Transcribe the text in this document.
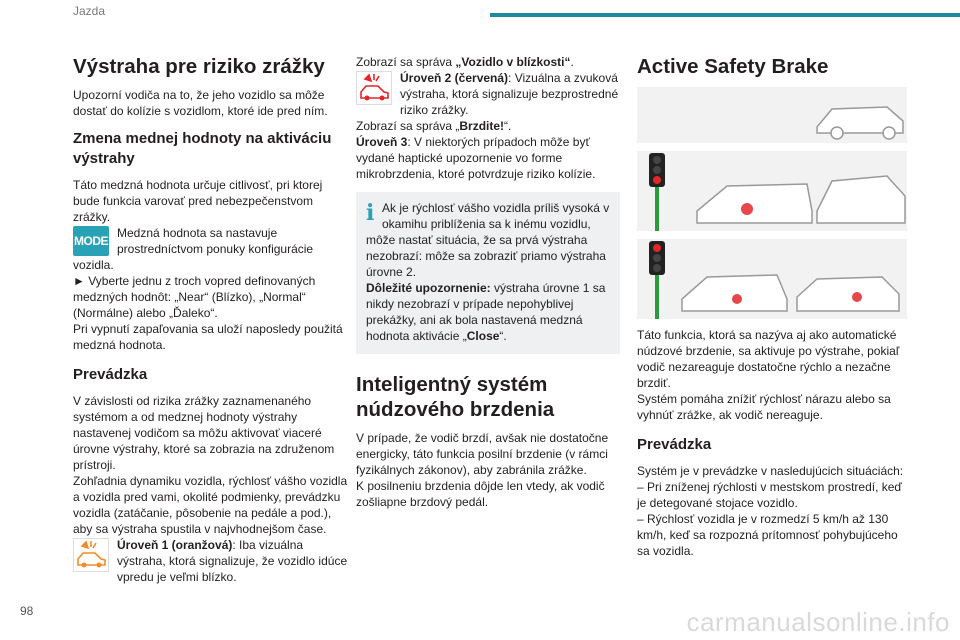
Jazda
Výstraha pre riziko zrážky

Upozorní vodiča na to, že jeho vozidlo sa môže dostať do kolízie s vozidlom, ktoré ide pred ním.

Zmena mednej hodnoty na aktiváciu výstrahy

Táto medzná hodnota určuje citlivosť, pri ktorej bude funkcia varovať pred nebezpečenstvom zrážky.

MODE
Medzná hodnota sa nastavuje prostredníctvom ponuky konfigurácie vozidla.

► Vyberte jednu z troch vopred definovaných medzných hodnôt: „Near“ (Blízko), „Normal“ (Normálne) alebo „Ďaleko“.

Pri vypnutí zapaľovania sa uloží naposledy použitá medzná hodnota.

Prevádzka

V závislosti od rizika zrážky zaznamenaného systémom a od medznej hodnoty výstrahy nastavenej vodičom sa môžu aktivovať viaceré úrovne výstrahy, ktoré sa zobrazia na združenom prístroji.

Zohľadnia dynamiku vozidla, rýchlosť vášho vozidla a vozidla pred vami, okolité podmienky, prevádzku vozidla (zatáčanie, pôsobenie na pedále a pod.), aby sa výstraha spustila v najvhodnejšom čase.

Úroveň 1 (oranžová): Iba vizuálna výstraha, ktorá signalizuje, že vozidlo idúce vpredu je veľmi blízko.

Zobrazí sa správa „Vozidlo v blízkosti“.

Úroveň 2 (červená): Vizuálna a zvuková výstraha, ktorá signalizuje bezprostredné riziko zrážky.

Zobrazí sa správa „Brzdite!“.

Úroveň 3: V niektorých prípadoch môže byť vydané haptické upozornenie vo forme mikrobrzdenia, ktoré potvrdzuje riziko kolízie.

i Ak je rýchlosť vášho vozidla príliš vysoká v okamihu priblíženia sa k inému vozidlu, môže nastať situácia, že sa prvá výstraha nezobrazí: môže sa zobraziť priamo výstraha úrovne 2.

Dôležité upozornenie: výstraha úrovne 1 sa nikdy nezobrazí v prípade nepohyblivej prekážky, ani ak bola nastavená medzná hodnota aktivácie „Close“.

Inteligentný systém núdzového brzdenia

V prípade, že vodič brzdí, avšak nie dostatočne energicky, táto funkcia posilní brzdenie (v rámci fyzikálnych zákonov), aby zabránila zrážke.

K posilneniu brzdenia dôjde len vtedy, ak vodič zošliapne brzdový pedál.

Active Safety Brake

Táto funkcia, ktorá sa nazýva aj ako automatické núdzové brzdenie, sa aktivuje po výstrahe, pokiaľ vodič nezareaguje dostatočne rýchlo a nezačne brzdiť.

Systém pomáha znížiť rýchlosť nárazu alebo sa vyhnúť zrážke, ak vodič nereaguje.

Prevádzka

Systém je v prevádzke v nasledujúcich situáciách:

– Pri zníženej rýchlosti v mestskom prostredí, keď je detegované stojace vozidlo.

– Rýchlosť vozidla je v rozmedzí 5 km/h až 130 km/h, keď sa rozpozná prítomnosť pohybujúceho sa vozidla.

98	carmanualsonline.info
